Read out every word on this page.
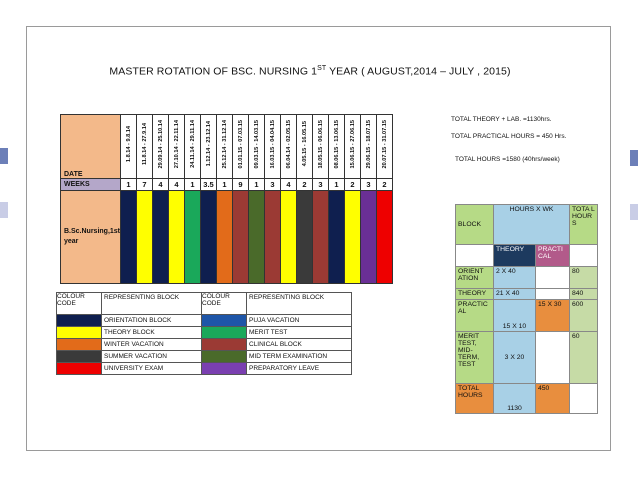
MASTER ROTATION OF BSC. NURSING 1ST YEAR ( AUGUST,2014 – JULY , 2015)
DATE	1.8.14 - 9.8.14	11.8.14 - 27.9.14	29.09.14 - 25.10.14	27.10.14 - 22.11.14	24.11.14 - 29.11.14	1.12.14 - 23.12.14	25.12.14 - 31.12.14	01.01.15 - 07.03.15	09.03.15 - 14.03.15	16.03.15 - 04.04.15	06.04.14 - 02.05.15	4.05.15 - 16.05.15	18.05.15 - 06.06.15	08.06.15 - 13.06.15	15.06.15 - 27.06.15	29.06.15 - 18.07.15	20.07.15 - 31.07.15
WEEKS	1	7	4	4	1	3.5	1	9	1	3	4	2	3	1	2	3	2
B.Sc.Nursing,1st
year																	
COLOUR CODE	REPRESENTING BLOCK	COLOUR CODE	REPRESENTING BLOCK
	ORIENTATION BLOCK		PUJA VACATION
	THEORY BLOCK		MERIT TEST
	WINTER VACATION		CLINICAL BLOCK
	SUMMER VACATION		MID TERM EXAMINATION
	UNIVERSITY EXAM		PREPARATORY LEAVE
TOTAL THEORY + LAB. =1130hrs.
TOTAL PRACTICAL HOURS = 450 Hrs.
TOTAL HOURS =1580 (40hrs/week)
BLOCK	HOURS X WK		TOTA L HOUR S
	THEORY	PRACTI CAL	
ORIENT ATION	2 X 40		80
THEORY	21 X 40		840
PRACTIC AL	15 X 10	15 X 30	600
MERIT TEST, MID- TERM, TEST	3 X 20		60
TOTAL HOURS	1130	450	
